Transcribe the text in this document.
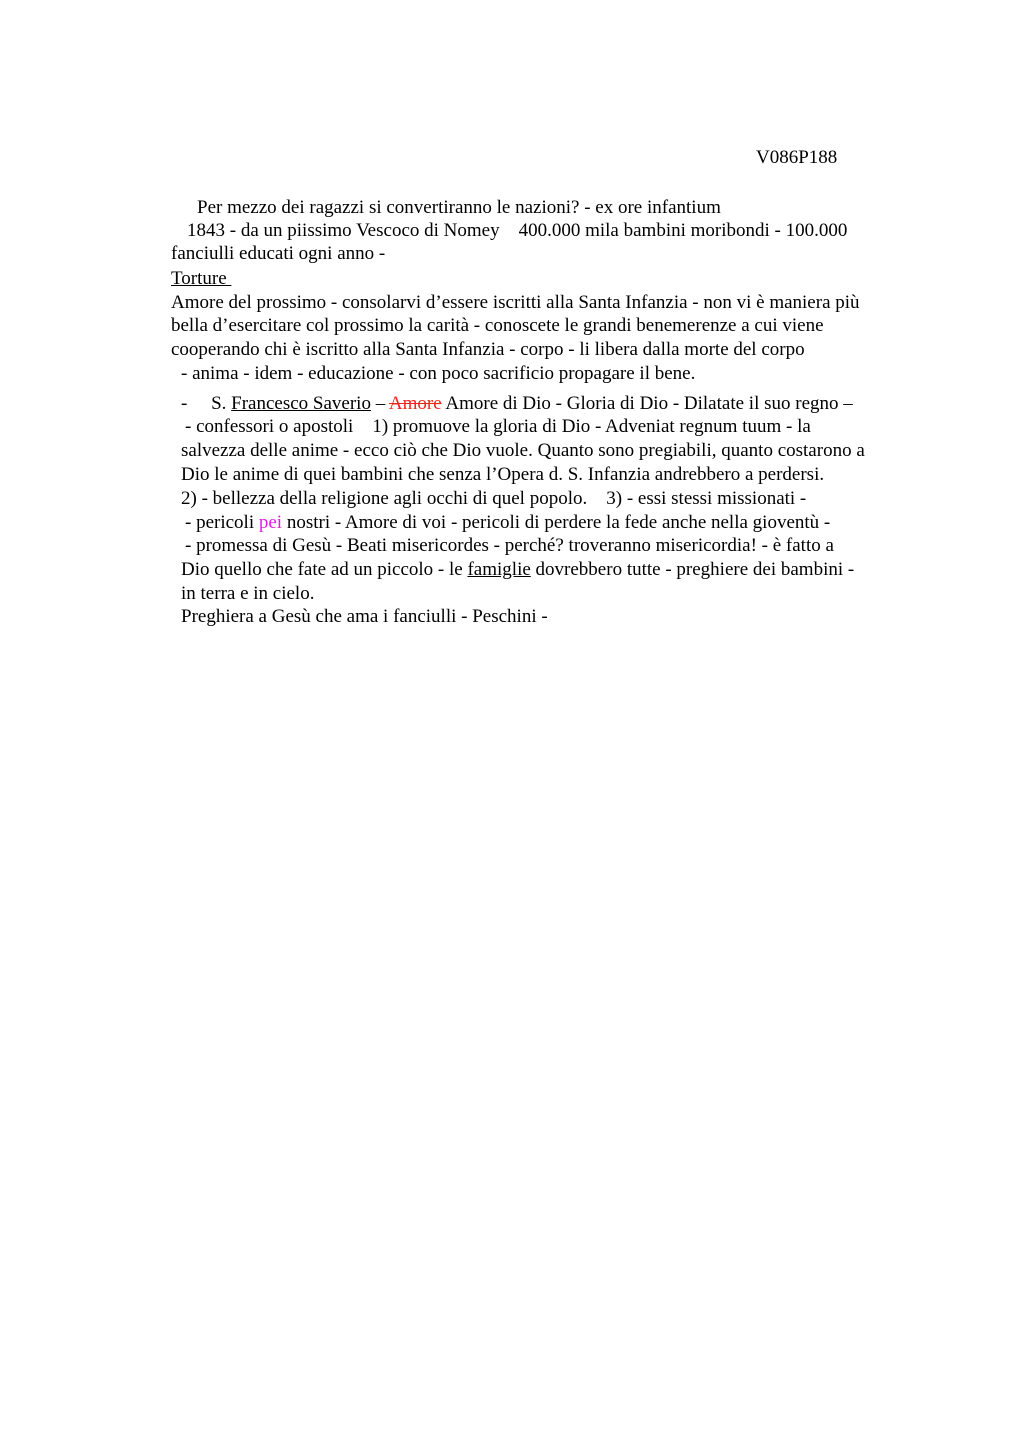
V086P188
Per mezzo dei ragazzi si convertiranno le nazioni? - ex ore infantium
1843 - da un piissimo Vescoco di Nomey    400.000 mila bambini moribondi - 100.000
fanciulli educati ogni anno -
Torture
Amore del prossimo - consolarvi d’essere iscritti alla Santa Infanzia - non vi è maniera più
bella d’esercitare col prossimo la carità - conoscete le grandi benemerenze a cui viene
cooperando chi è iscritto alla Santa Infanzia - corpo - li libera dalla morte del corpo
- anima - idem - educazione - con poco sacrificio propagare il bene.
-     S. Francesco Saverio – Amore Amore di Dio - Gloria di Dio - Dilatate il suo regno –
- confessori o apostoli    1) promuove la gloria di Dio - Adveniat regnum tuum - la
salvezza delle anime - ecco ciò che Dio vuole. Quanto sono pregiabili, quanto costarono a
Dio le anime di quei bambini che senza l’Opera d. S. Infanzia andrebbero a perdersi.
2) - bellezza della religione agli occhi di quel popolo.    3) - essi stessi missionati -
- pericoli pei nostri - Amore di voi - pericoli di perdere la fede anche nella gioventù -
- promessa di Gesù - Beati misericordes - perché? troveranno misericordia! - è fatto a
Dio quello che fate ad un piccolo - le famiglie dovrebbero tutte - preghiere dei bambini -
in terra e in cielo.
Preghiera a Gesù che ama i fanciulli - Peschini -
